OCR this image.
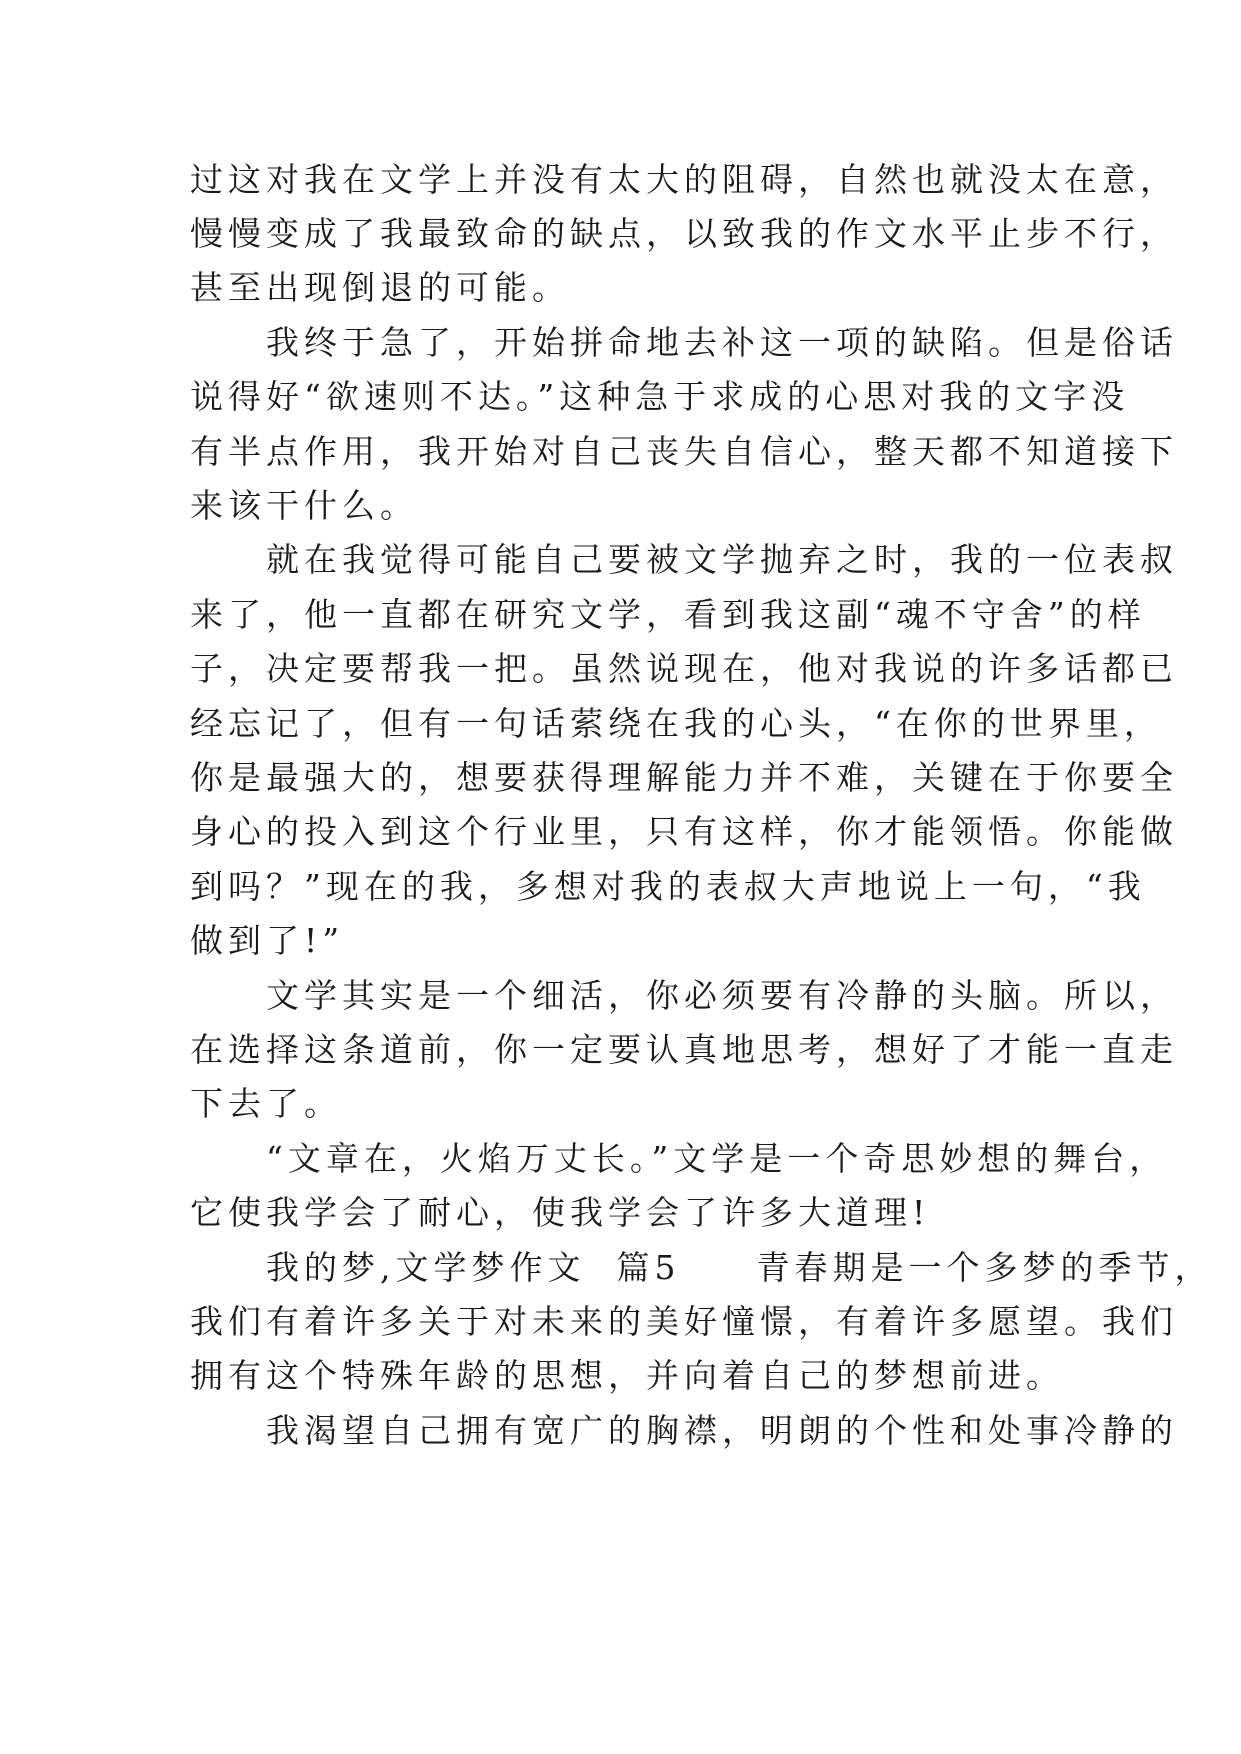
过这对我在文学上并没有太大的阻碍，自然也就没太在意，
慢慢变成了我最致命的缺点，以致我的作文水平止步不行，
甚至出现倒退的可能。
　　我终于急了，开始拼命地去补这一项的缺陷。但是俗话
说得好“欲速则不达。”这种急于求成的心思对我的文字没
有半点作用，我开始对自己丧失自信心，整天都不知道接下
来该干什么。
　　就在我觉得可能自己要被文学抛弃之时，我的一位表叔
来了，他一直都在研究文学，看到我这副“魂不守舍”的样
子，决定要帮我一把。虽然说现在，他对我说的许多话都已
经忘记了，但有一句话萦绕在我的心头，“在你的世界里，
你是最强大的，想要获得理解能力并不难，关键在于你要全
身心的投入到这个行业里，只有这样，你才能领悟。你能做
到吗？”现在的我，多想对我的表叔大声地说上一句，“我
做到了!”
　　文学其实是一个细活，你必须要有冷静的头脑。所以，
在选择这条道前，你一定要认真地思考，想好了才能一直走
下去了。
　　“文章在，火焰万丈长。”文学是一个奇思妙想的舞台，
它使我学会了耐心，使我学会了许多大道理!
　　我的梦,文学梦作文  篇5　　青春期是一个多梦的季节，
我们有着许多关于对未来的美好憧憬，有着许多愿望。我们
拥有这个特殊年龄的思想，并向着自己的梦想前进。
　　我渴望自己拥有宽广的胸襟，明朗的个性和处事冷静的
